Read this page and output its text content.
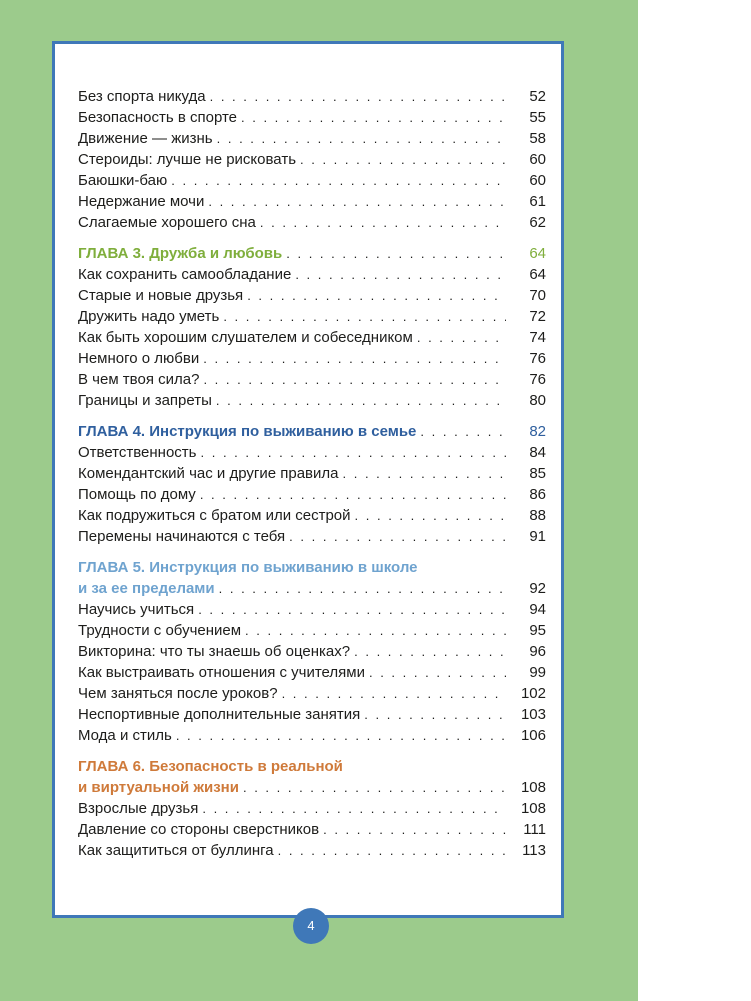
Без спорта никуда . . .	52
Безопасность в спорте . . .	55
Движение — жизнь . . .	58
Стероиды: лучше не рисковать . . .	60
Баюшки-баю . . .	60
Недержание мочи . . .	61
Слагаемые хорошего сна . . .	62
ГЛАВА 3. Дружба и любовь . . .	64
Как сохранить самообладание . . .	64
Старые и новые друзья . . .	70
Дружить надо уметь . . .	72
Как быть хорошим слушателем и собеседником . . .	74
Немного о любви . . .	76
В чем твоя сила? . . .	76
Границы и запреты . . .	80
ГЛАВА 4. Инструкция по выживанию в семье . . .	82
Ответственность . . .	84
Комендантский час и другие правила . . .	85
Помощь по дому . . .	86
Как подружиться с братом или сестрой . . .	88
Перемены начинаются с тебя . . .	91
ГЛАВА 5. Инструкция по выживанию в школе
и за ее пределами . . .	92
Научись учиться . . .	94
Трудности с обучением . . .	95
Викторина: что ты знаешь об оценках? . . .	96
Как выстраивать отношения с учителями . . .	99
Чем заняться после уроков? . . .	102
Неспортивные дополнительные занятия . . .	103
Мода и стиль . . .	106
ГЛАВА 6. Безопасность в реальной
и виртуальной жизни . . .	108
Взрослые друзья . . .	108
Давление со стороны сверстников . . .	111
Как защититься от буллинга . . .	113
4
